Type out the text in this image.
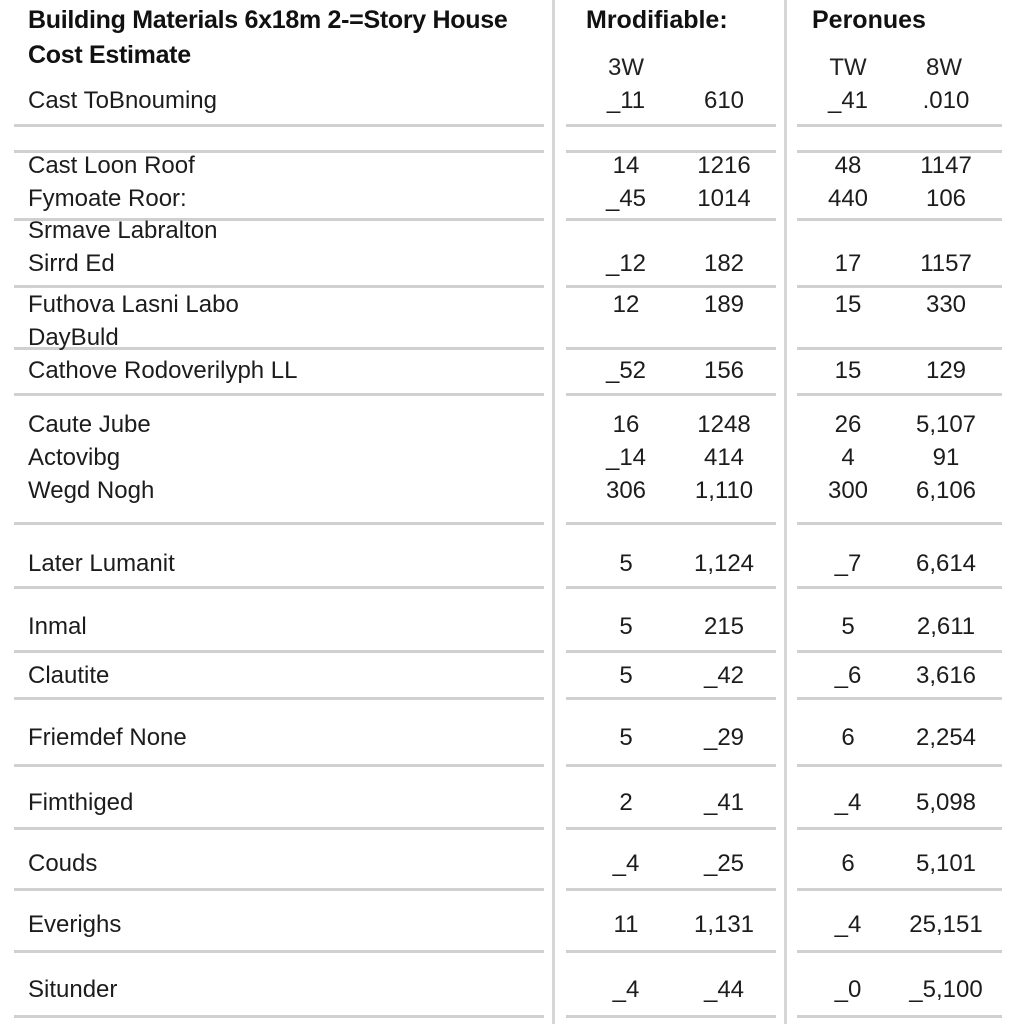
Building Materials 6x18m 2-=Story House
Cost Estimate
Mrodifiable:	Peronues
3W	TW 8W
Cast ToBnouming	_11 610	_41 .010
Cast Loon Roof	14 1216	48 1147
Fymoate Roor:	_45 1014	440 106
Srmave Labralton
Sirrd Ed	_12 182	17 1157
Futhova Lasni Labo	12	189	15	330
DayBuld
Cathove Rodoverilyph LL	_52 156	15	129
Caute Jube	16 1248	26 5,107
Actovibg	_14 414	4	91
Wegd Nogh	306 1,110	300 6,106
Later Lumanit	5	1,124	_7 6,614
Inmal	5	215	5	2,611
Clautite	5	_42	_6 3,616
Friemdef None	5	_29	6	2,254
Fimthiged	2	_41	_4 5,098
Couds	_4	_25	6	5,101
Everighs	11 1,131	_4 25,151
Situnder	_4	_44	_0 _5,100
